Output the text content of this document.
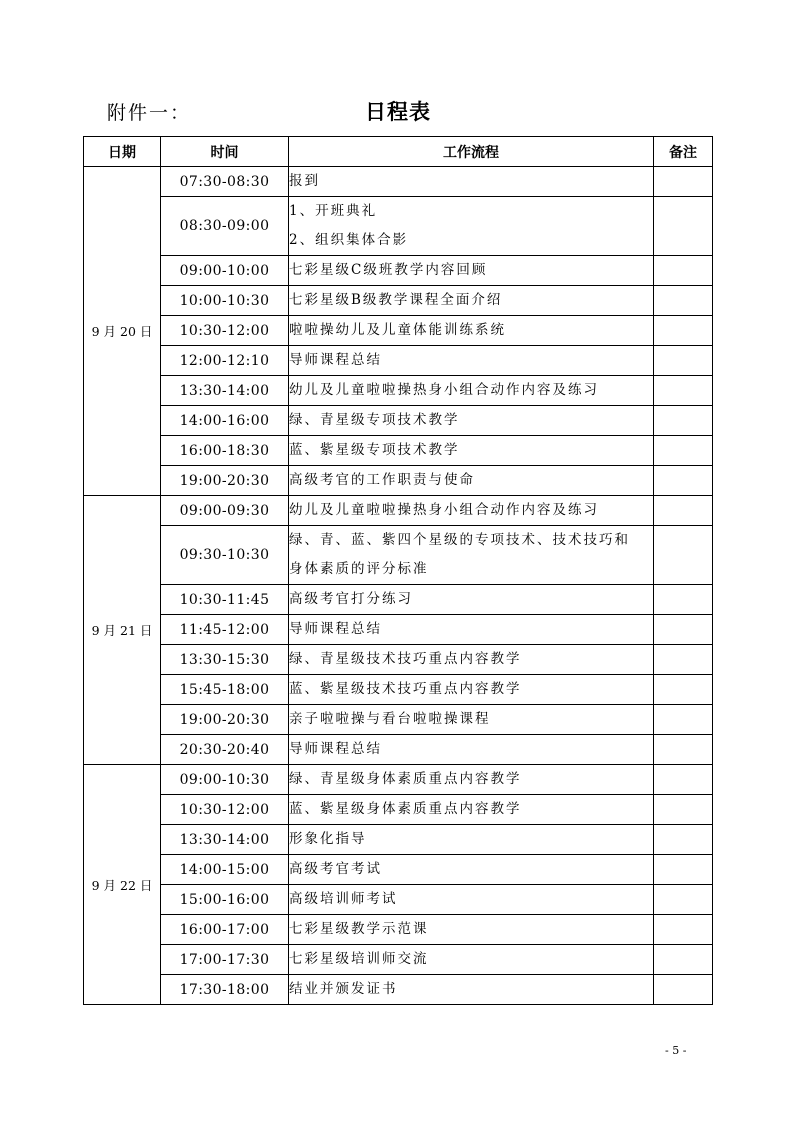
附件一：	日程表
日期	时间	工作流程	备注
9 月 20 日	07:30-08:30	报到	

	08:30-09:00	1、开班典礼
2、组织集体合影	

	09:00-10:00	七彩星级C级班教学内容回顾	

	10:00-10:30	七彩星级B级教学课程全面介绍	

	10:30-12:00	啦啦操幼儿及儿童体能训练系统	

	12:00-12:10	导师课程总结	

	13:30-14:00	幼儿及儿童啦啦操热身小组合动作内容及练习	

	14:00-16:00	绿、青星级专项技术教学	

	16:00-18:30	蓝、紫星级专项技术教学	

	19:00-20:30	高级考官的工作职责与使命	

9 月 21 日	09:00-09:30	幼儿及儿童啦啦操热身小组合动作内容及练习	

	09:30-10:30	绿、青、蓝、紫四个星级的专项技术、技术技巧和
身体素质的评分标准	

	10:30-11:45	高级考官打分练习	

	11:45-12:00	导师课程总结	

	13:30-15:30	绿、青星级技术技巧重点内容教学	

	15:45-18:00	蓝、紫星级技术技巧重点内容教学	

	19:00-20:30	亲子啦啦操与看台啦啦操课程	

	20:30-20:40	导师课程总结	

9 月 22 日	09:00-10:30	绿、青星级身体素质重点内容教学	

	10:30-12:00	蓝、紫星级身体素质重点内容教学	

	13:30-14:00	形象化指导	

	14:00-15:00	高级考官考试	

	15:00-16:00	高级培训师考试	

	16:00-17:00	七彩星级教学示范课	

	17:00-17:30	七彩星级培训师交流	

	17:30-18:00	结业并颁发证书	

- 5 -
